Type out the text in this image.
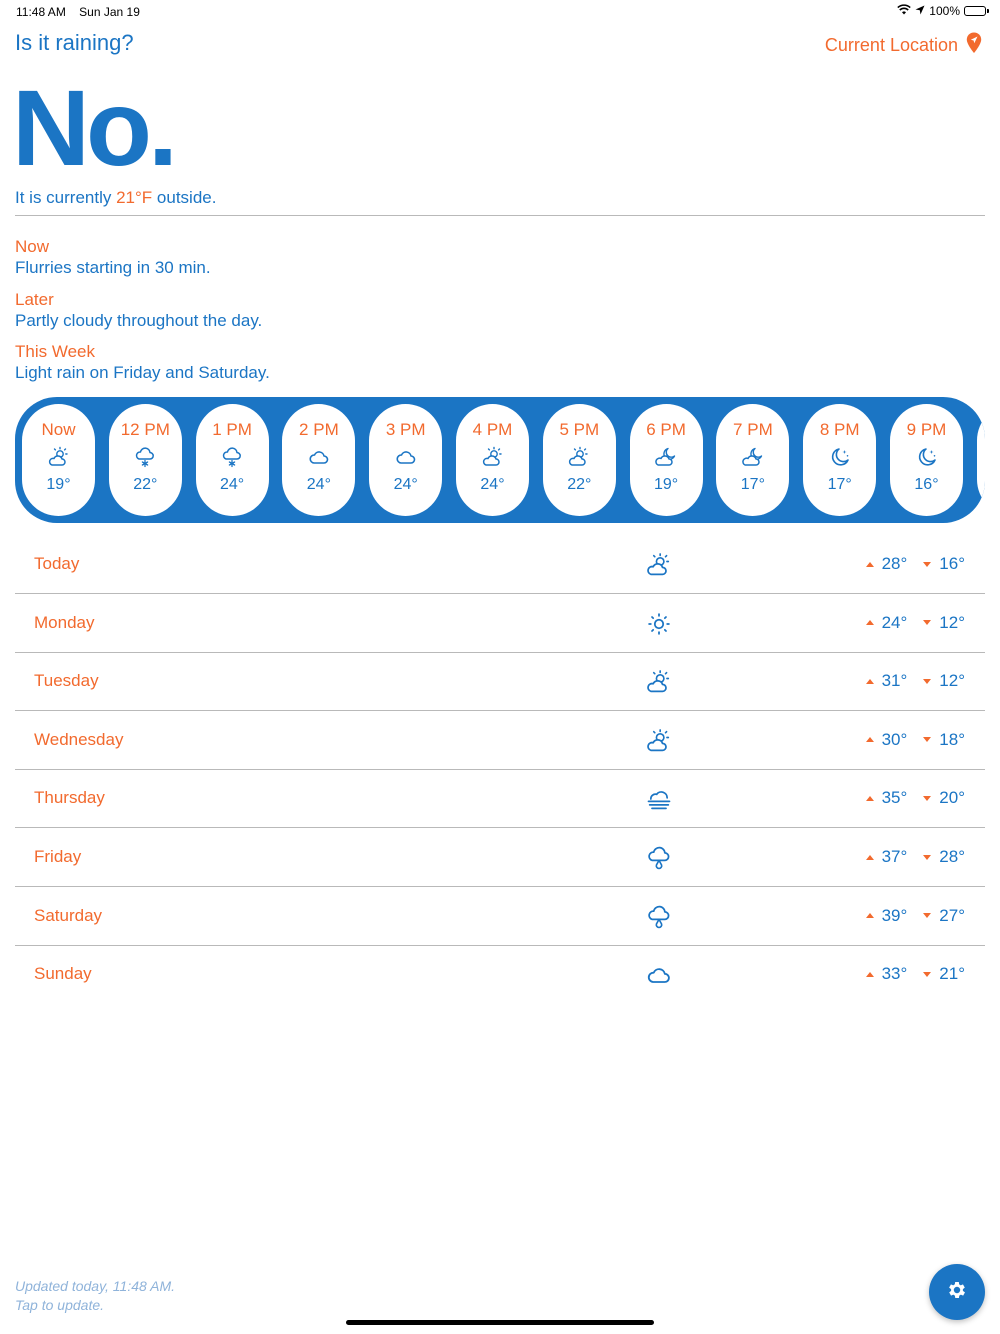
11:48 AM Sun Jan 19	100%
Is it raining?	Current Location
No.
It is currently 21°F outside.
Now
Flurries starting in 30 min.
Later
Partly cloudy throughout the day.
This Week
Light rain on Friday and Saturday.
Now
19°
12 PM
22°
1 PM
24°
2 PM
24°
3 PM
24°
4 PM
24°
5 PM
22°
6 PM
19°
7 PM
17°
8 PM
17°
9 PM
16°
Today	28° 16°
Monday	24° 12°
Tuesday	31° 12°
Wednesday	30° 18°
Thursday	35° 20°
Friday	37° 28°
Saturday	39° 27°
Sunday	33° 21°
Updated today, 11:48 AM.
Tap to update.
